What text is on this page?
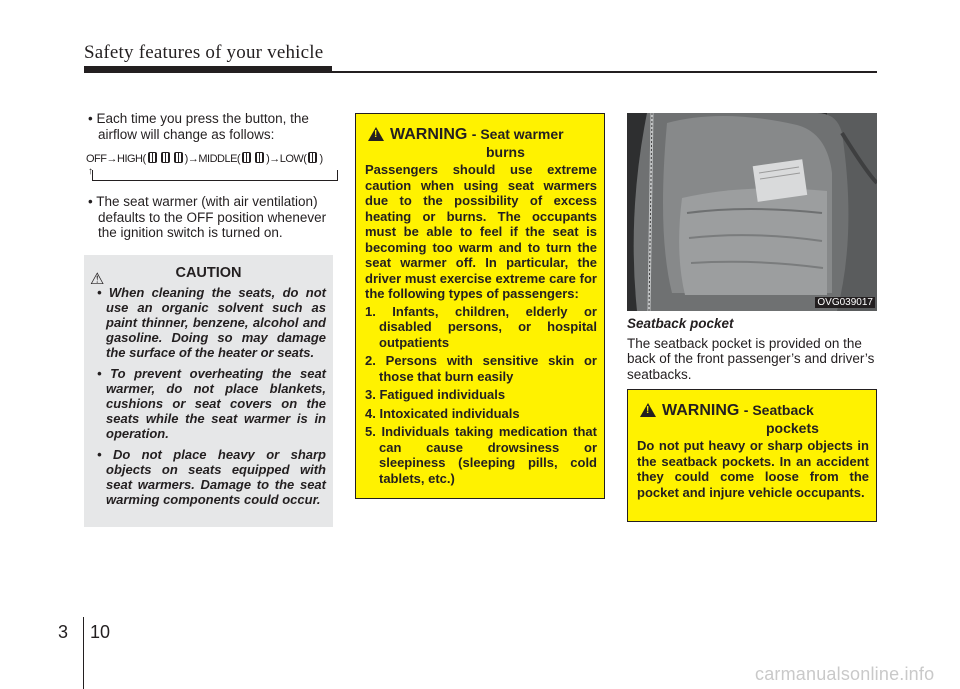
Safety features of your vehicle
• Each time you press the button, the airflow will change as follows:
OFF→HIGH(	)→MIDDLE( )→LOW( )
↑
• The seat warmer (with air ventilation) defaults to the OFF position whenever the ignition switch is turned on.
⚠	CAUTION
• When cleaning the seats, do not use an organic solvent such as paint thinner, benzene, alcohol and gasoline. Doing so may damage the surface of the heater or seats.
• To prevent overheating the seat warmer, do not place blankets, cushions or seat covers on the seats while the seat warmer is in operation.
• Do not place heavy or sharp objects on seats equipped with seat warmers. Damage to the seat warming components could occur.
!
WARNING - Seat warmer
burns

Passengers should use extreme caution when using seat warmers due to the possibility of excess heating or burns. The occupants must be able to feel if the seat is becoming too warm and to turn the seat warmer off. In particular, the driver must exercise extreme care for the following types of passengers:

1. Infants, children, elderly or disabled persons, or hospital outpatients
2. Persons with sensitive skin or those that burn easily
3. Fatigued individuals
4. Intoxicated individuals
5. Individuals taking medication that can cause drowsiness or sleepiness (sleeping pills, cold tablets, etc.)
OVG039017
Seatback pocket
The seatback pocket is provided on the back of the front passenger’s and driver’s seatbacks.
!
WARNING - Seatback
pockets
Do not put heavy or sharp objects in the seatback pockets. In an accident they could come loose from the pocket and injure vehicle occupants.
3 10
carmanualsonline.info
